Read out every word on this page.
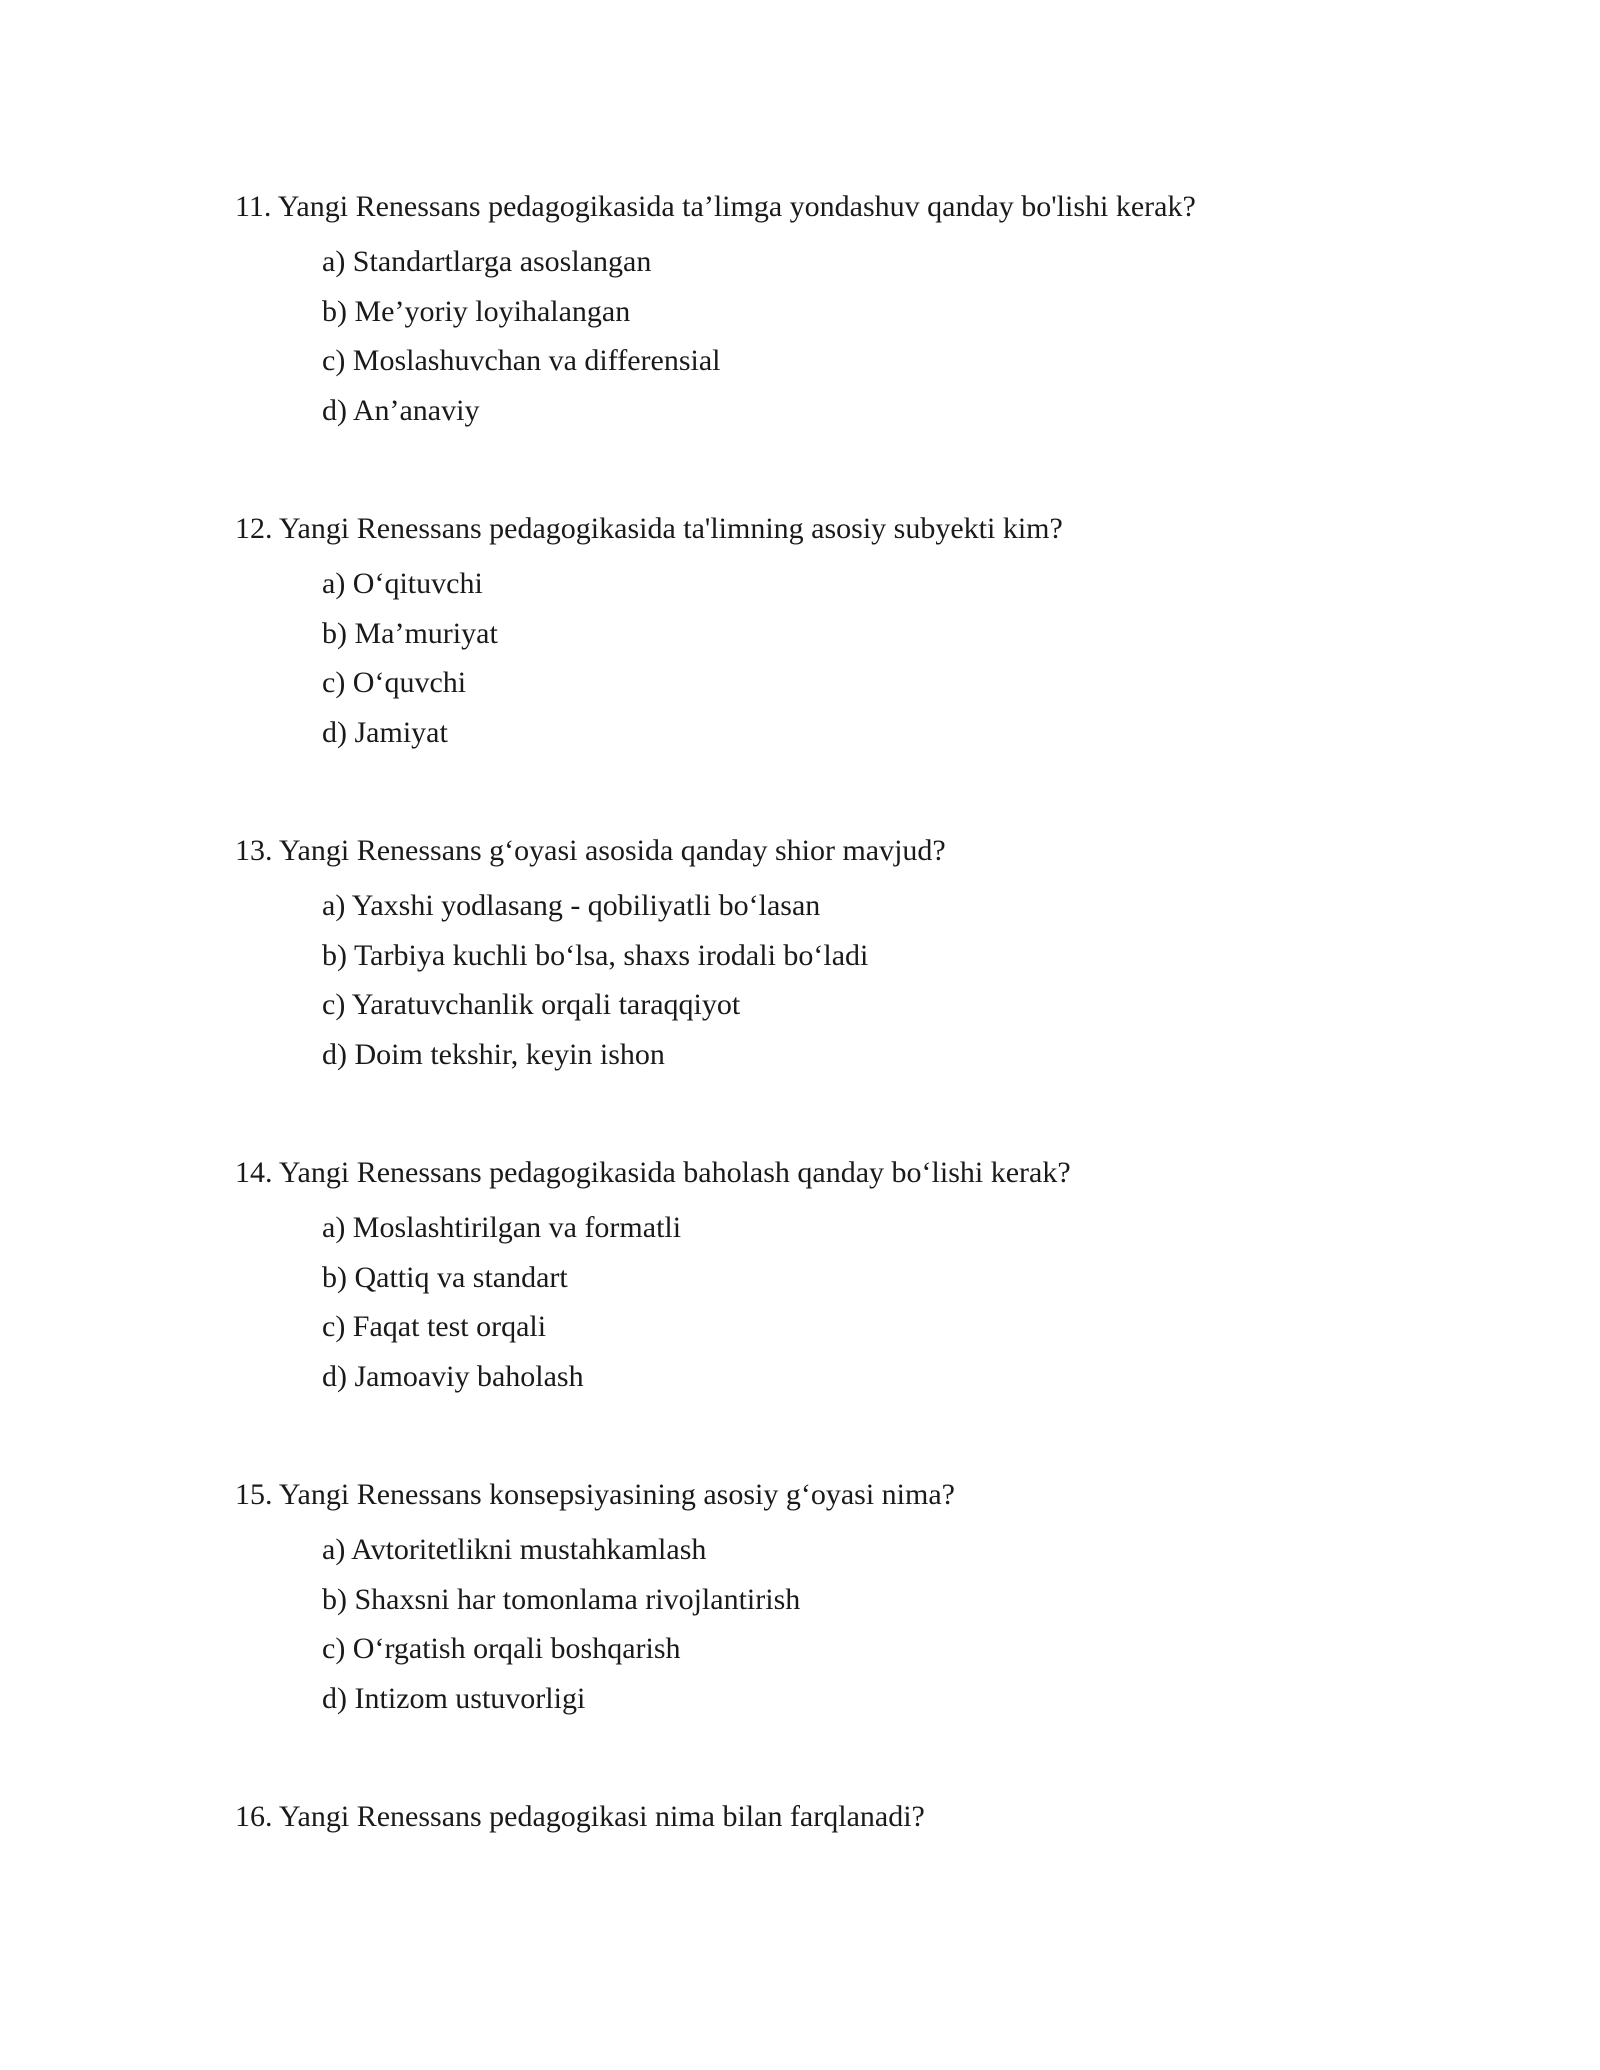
11. Yangi Renessans pedagogikasida ta’limga yondashuv qanday bo'lishi kerak?

a) Standartlarga asoslangan
b) Me’yoriy loyihalangan
c) Moslashuvchan va differensial
d) An’anaviy

12. Yangi Renessans pedagogikasida ta'limning asosiy subyekti kim?

a) O‘qituvchi
b) Ma’muriyat
c) O‘quvchi
d) Jamiyat

13. Yangi Renessans g‘oyasi asosida qanday shior mavjud?

a) Yaxshi yodlasang - qobiliyatli bo‘lasan
b) Tarbiya kuchli bo‘lsa, shaxs irodali bo‘ladi
c) Yaratuvchanlik orqali taraqqiyot
d) Doim tekshir, keyin ishon

14. Yangi Renessans pedagogikasida baholash qanday bo‘lishi kerak?

a) Moslashtirilgan va formatli
b) Qattiq va standart
c) Faqat test orqali
d) Jamoaviy baholash

15. Yangi Renessans konsepsiyasining asosiy g‘oyasi nima?

a) Avtoritetlikni mustahkamlash
b) Shaxsni har tomonlama rivojlantirish
c) O‘rgatish orqali boshqarish
d) Intizom ustuvorligi

16. Yangi Renessans pedagogikasi nima bilan farqlanadi?
